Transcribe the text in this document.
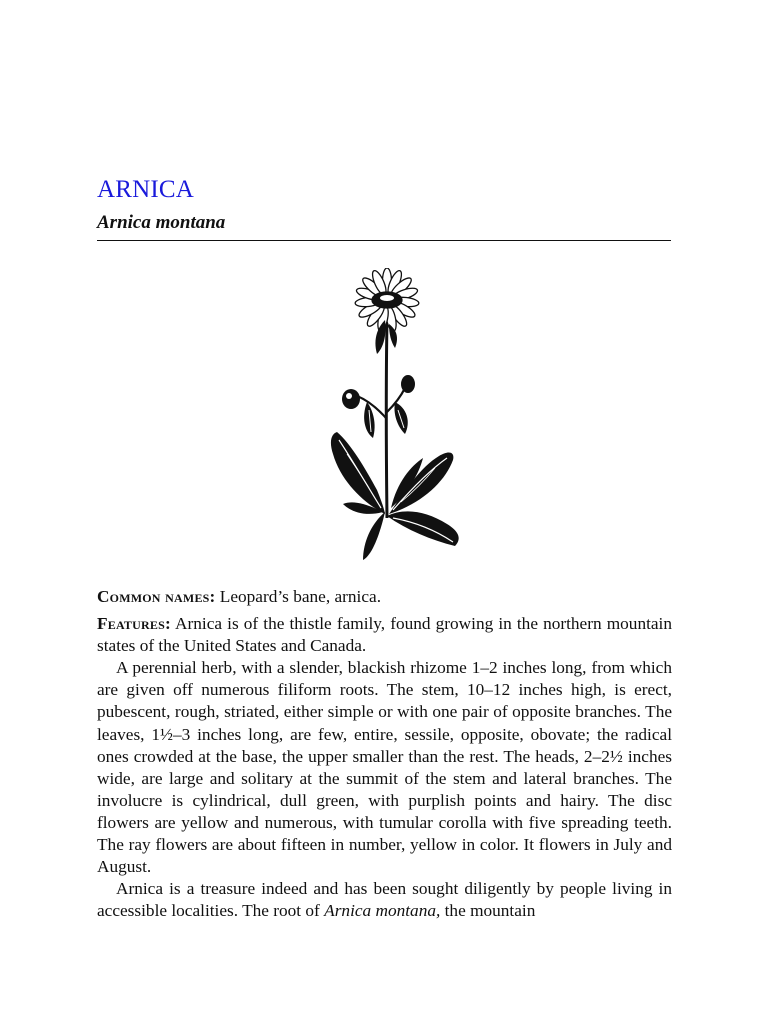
ARNICA
Arnica montana

Common names: Leopard’s bane, arnica.

Features: Arnica is of the thistle family, found growing in the northern mountain states of the United States and Canada.

A perennial herb, with a slender, blackish rhizome 1–2 inches long, from which are given off numerous filiform roots. The stem, 10–12 inches high, is erect, pubescent, rough, striated, either simple or with one pair of opposite branches. The leaves, 1½–3 inches long, are few, entire, sessile, opposite, obovate; the radical ones crowded at the base, the upper smaller than the rest. The heads, 2–2½ inches wide, are large and solitary at the summit of the stem and lateral branches. The involucre is cylindrical, dull green, with purplish points and hairy. The disc flowers are yellow and numerous, with tumular corolla with five spreading teeth. The ray flowers are about fifteen in number, yellow in color. It flowers in July and August.

Arnica is a treasure indeed and has been sought diligently by people living in accessible localities. The root of Arnica montana, the mountain
